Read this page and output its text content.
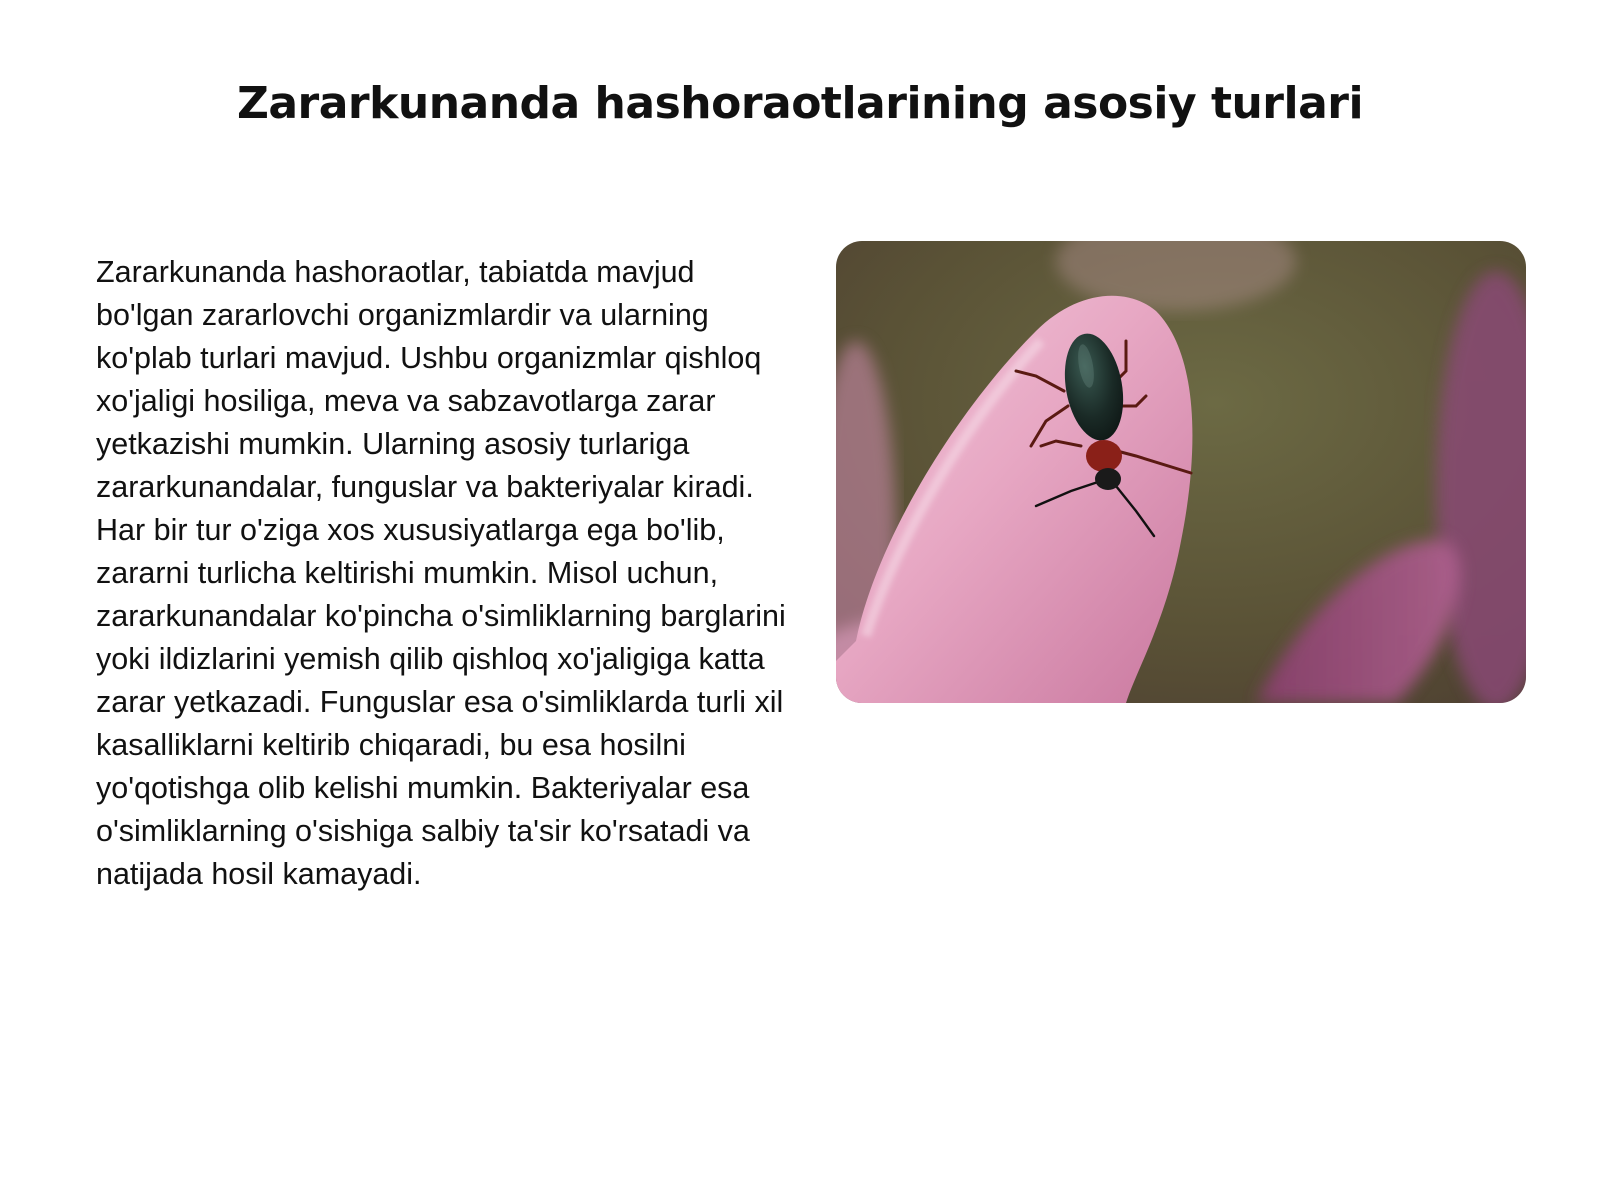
Zararkunanda hashoraotlarining asosiy turlari

Zararkunanda hashoraotlar, tabiatda mavjud bo'lgan zararlovchi organizmlardir va ularning ko'plab turlari mavjud. Ushbu organizmlar qishloq xo'jaligi hosiliga, meva va sabzavotlarga zarar yetkazishi mumkin. Ularning asosiy turlariga zararkunandalar, funguslar va bakteriyalar kiradi. Har bir tur o'ziga xos xususiyatlarga ega bo'lib, zararni turlicha keltirishi mumkin. Misol uchun, zararkunandalar ko'pincha o'simliklarning barglarini yoki ildizlarini yemish qilib qishloq xo'jaligiga katta zarar yetkazadi. Funguslar esa o'simliklarda turli xil kasalliklarni keltirib chiqaradi, bu esa hosilni yo'qotishga olib kelishi mumkin. Bakteriyalar esa o'simliklarning o'sishiga salbiy ta'sir ko'rsatadi va natijada hosil kamayadi.
